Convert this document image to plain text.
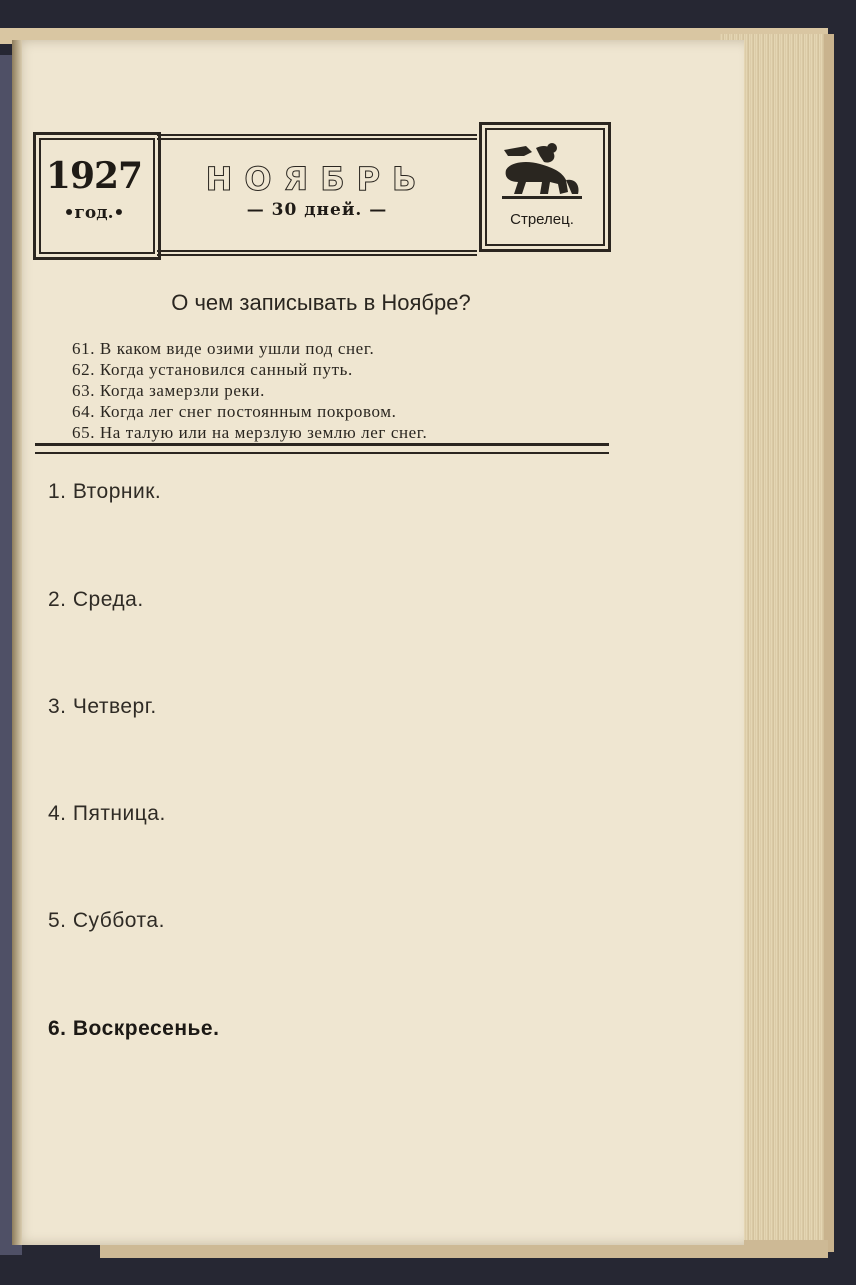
1927
•год.•
НОЯБРЬ
— 30 дней. —	Стрелец.
О чем записывать в Ноябре?
61. В каком виде озими ушли под снег.
62. Когда установился санный путь.
63. Когда замерзли реки.
64. Когда лег снег постоянным покровом.
65. На талую или на мерзлую землю лег снег.
1. Вторник.
2. Среда.
3. Четверг.
4. Пятница.
5. Суббота.
6. Воскресенье.
